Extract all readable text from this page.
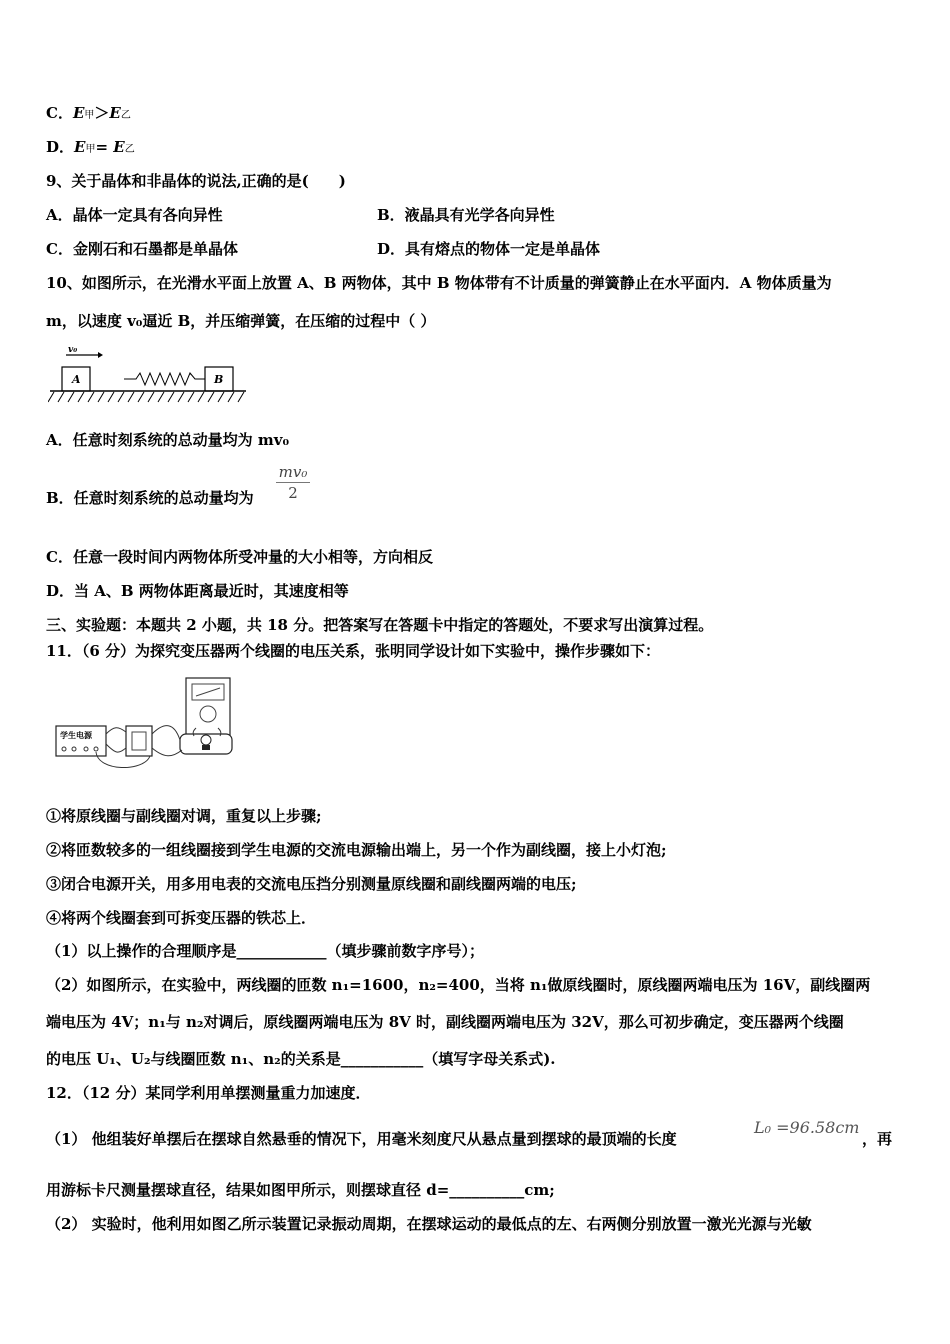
C．E甲＞E乙
D．E甲= E乙
9、关于晶体和非晶体的说法,正确的是(　　)
A．晶体一定具有各向异性	B．液晶具有光学各向异性
C．金刚石和石墨都是单晶体	D．具有熔点的物体一定是单晶体
10、如图所示，在光滑水平面上放置 A、B 两物体，其中 B 物体带有不计质量的弹簧静止在水平面内．A 物体质量为
m，以速度 v₀逼近 B，并压缩弹簧，在压缩的过程中（ ）
v₀
A	B
A．任意时刻系统的总动量均为 mv₀
B．任意时刻系统的总动量均为
mv₀
2
C．任意一段时间内两物体所受冲量的大小相等，方向相反
D．当 A、B 两物体距离最近时，其速度相等
三、实验题：本题共 2 小题，共 18 分。把答案写在答题卡中指定的答题处，不要求写出演算过程。
11．（6 分）为探究变压器两个线圈的电压关系，张明同学设计如下实验中，操作步骤如下：
学生电源
①将原线圈与副线圈对调，重复以上步骤;
②将匝数较多的一组线圈接到学生电源的交流电源输出端上，另一个作为副线圈，接上小灯泡;
③闭合电源开关，用多用电表的交流电压挡分别测量原线圈和副线圈两端的电压;
④将两个线圈套到可拆变压器的铁芯上．
（1）以上操作的合理顺序是____________（填步骤前数字序号）；
（2）如图所示，在实验中，两线圈的匝数 n₁=1600，n₂=400，当将 n₁做原线圈时，原线圈两端电压为 16V，副线圈两
端电压为 4V；n₁与 n₂对调后，原线圈两端电压为 8V 时，副线圈两端电压为 32V，那么可初步确定，变压器两个线圈
的电压 U₁、U₂与线圈匝数 n₁、n₂的关系是___________（填写字母关系式).
12．（12 分）某同学利用单摆测量重力加速度．
（1） 他组装好单摆后在摆球自然悬垂的情况下，用毫米刻度尺从悬点量到摆球的最顶端的长度
L₀ =96.58cm
，再
用游标卡尺测量摆球直径，结果如图甲所示，则摆球直径 d=__________cm;
（2） 实验时，他利用如图乙所示装置记录振动周期，在摆球运动的最低点的左、右两侧分别放置一激光光源与光敏
